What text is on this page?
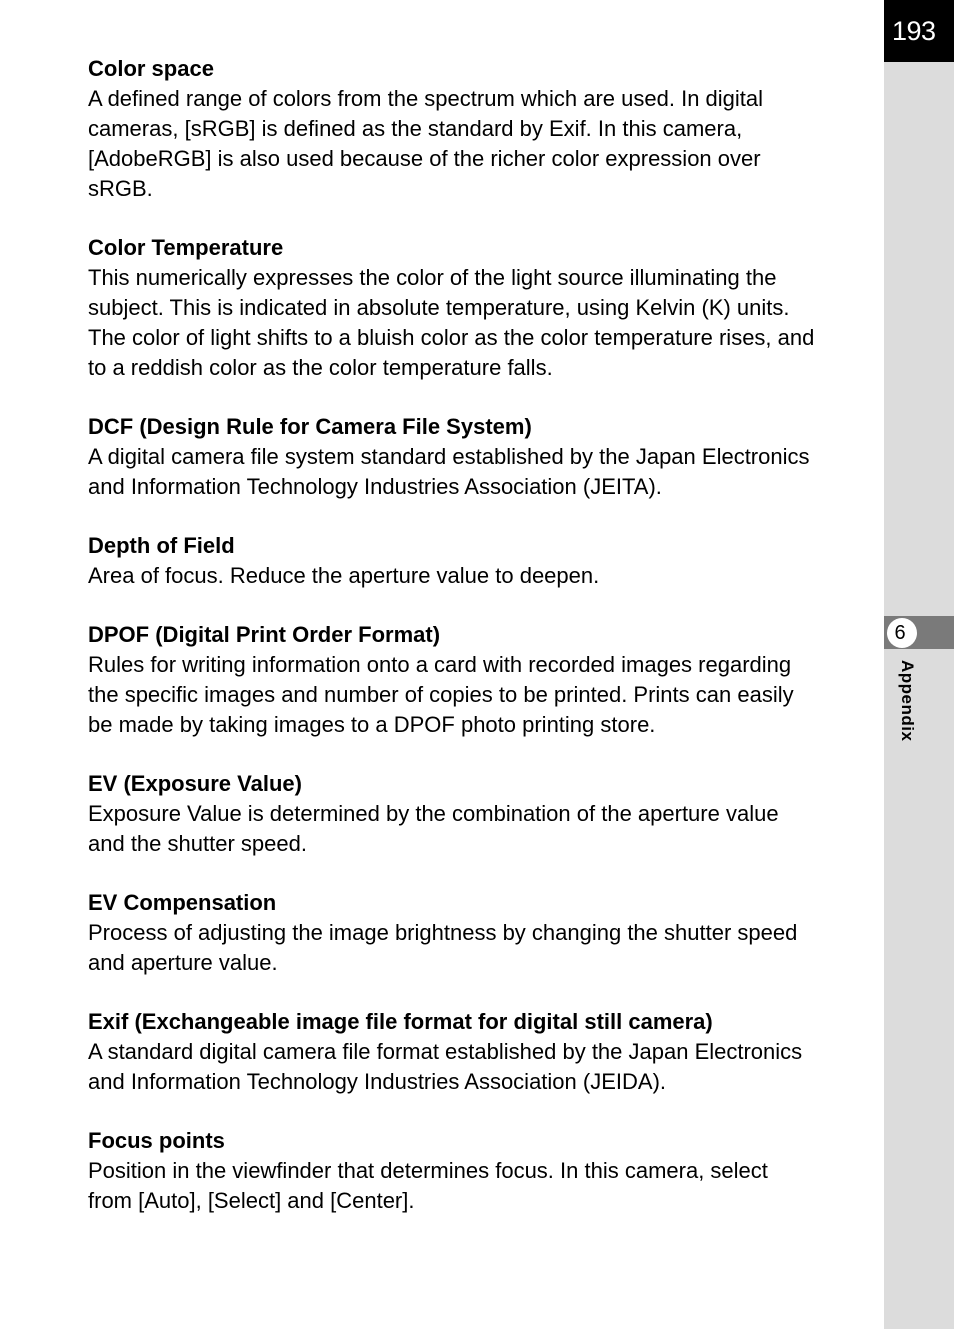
193
6
Appendix

Color space

A defined range of colors from the spectrum which are used. In digital
cameras, [sRGB] is defined as the standard by Exif. In this camera,
[AdobeRGB] is also used because of the richer color expression over
sRGB.

Color Temperature

This numerically expresses the color of the light source illuminating the
subject. This is indicated in absolute temperature, using Kelvin (K) units.
The color of light shifts to a bluish color as the color temperature rises, and
to a reddish color as the color temperature falls.

DCF (Design Rule for Camera File System)

A digital camera file system standard established by the Japan Electronics
and Information Technology Industries Association (JEITA).

Depth of Field

Area of focus. Reduce the aperture value to deepen.

DPOF (Digital Print Order Format)

Rules for writing information onto a card with recorded images regarding
the specific images and number of copies to be printed. Prints can easily
be made by taking images to a DPOF photo printing store.

EV (Exposure Value)

Exposure Value is determined by the combination of the aperture value
and the shutter speed.

EV Compensation

Process of adjusting the image brightness by changing the shutter speed
and aperture value.

Exif (Exchangeable image file format for digital still camera)

A standard digital camera file format established by the Japan Electronics
and Information Technology Industries Association (JEIDA).

Focus points

Position in the viewfinder that determines focus. In this camera, select
from [Auto], [Select] and [Center].
